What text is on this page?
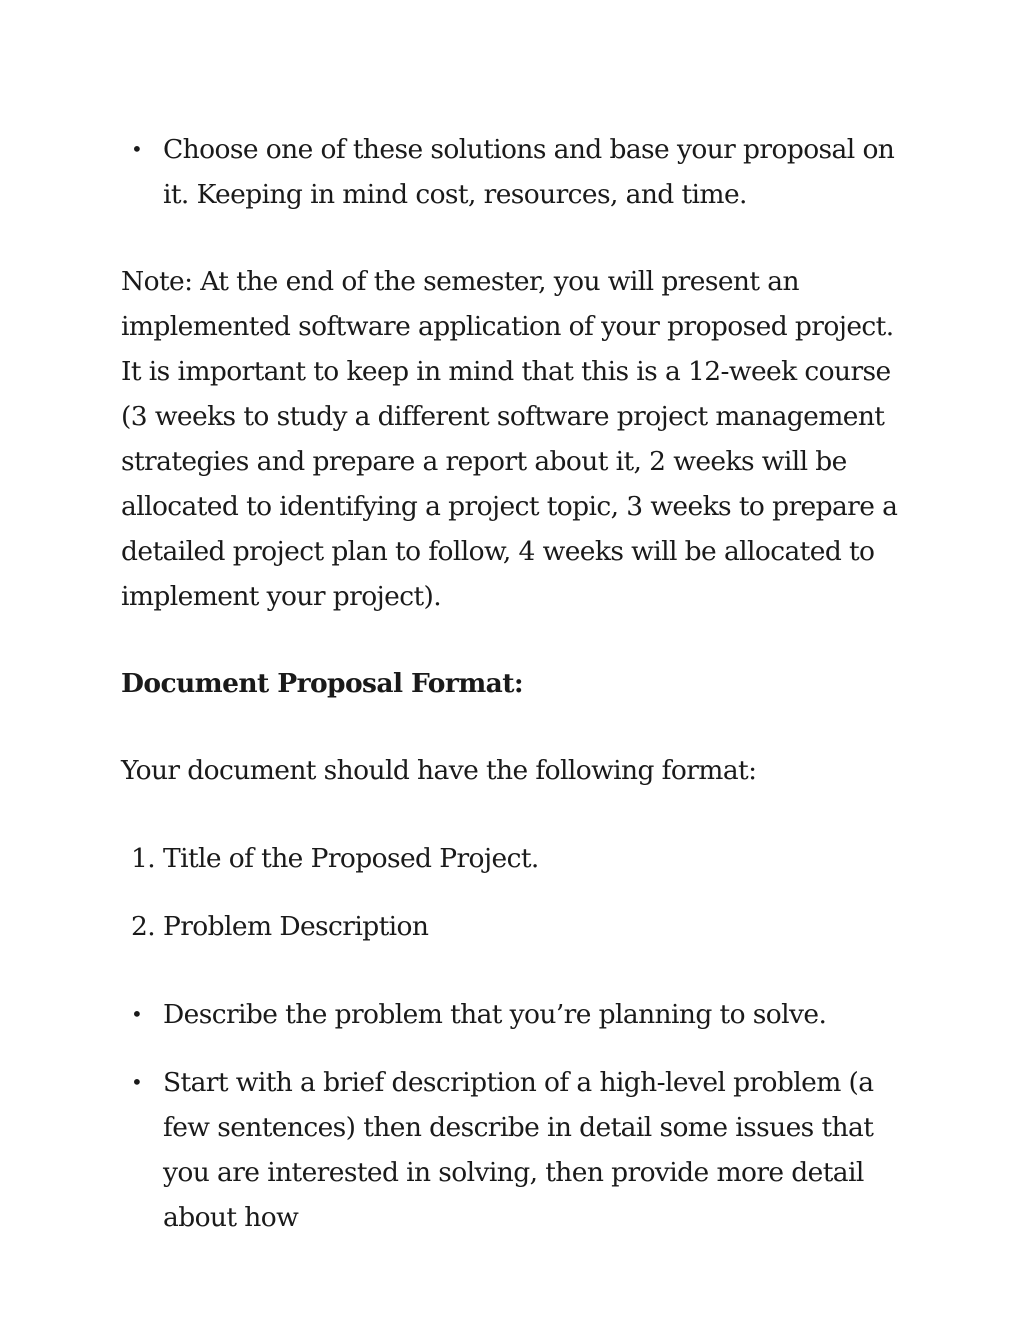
• Choose one of these solutions and base your proposal on it. Keeping in mind cost, resources, and time.

Note: At the end of the semester, you will present an implemented software application of your proposed project. It is important to keep in mind that this is a 12-week course (3 weeks to study a different software project management strategies and prepare a report about it, 2 weeks will be allocated to identifying a project topic, 3 weeks to prepare a detailed project plan to follow, 4 weeks will be allocated to implement your project).

Document Proposal Format:

Your document should have the following format:

1. Title of the Proposed Project.
2. Problem Description
• Describe the problem that you’re planning to solve.
• Start with a brief description of a high-level problem (a few sentences) then describe in detail some issues that you are interested in solving, then provide more detail about how
